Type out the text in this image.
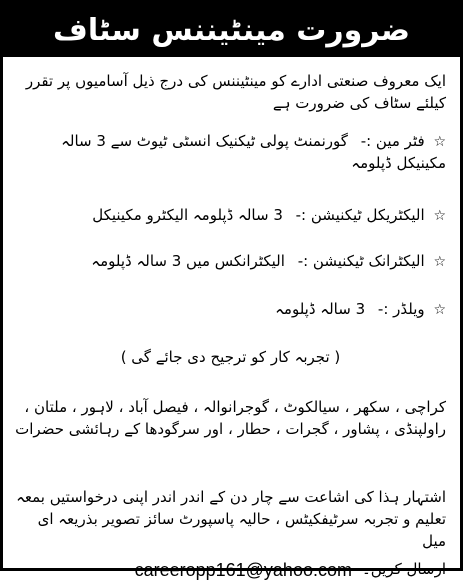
ضرورت مینٹیننس سٹاف
ایک معروف صنعتی ادارے کو مینٹیننس کی درج ذیل آسامیوں پر تقرر کیلئے سٹاف کی ضرورت ہے
☆ فٹر مین :- گورنمنٹ پولی ٹیکنیک انسٹی ٹیوٹ سے 3 سالہ مکینیکل ڈپلومہ
☆ الیکٹریکل ٹیکنیشن :- 3 سالہ ڈپلومہ الیکٹرو مکینیکل
☆ الیکٹرانک ٹیکنیشن :- الیکٹرانکس میں 3 سالہ ڈپلومہ
☆ ویلڈر :- 3 سالہ ڈپلومہ
( تجربہ کار کو ترجیح دی جائے گی )
کراچی ، سکھر ، سیالکوٹ ، گوجرانوالہ ، فیصل آباد ، لاہور ، ملتان ، راولپنڈی ، پشاور ، گجرات ، حطار ، اور سرگودھا کے رہائشی حضرات
اشتہار ہذا کی اشاعت سے چار دن کے اندر اندر اپنی درخواستیں بمعہ تعلیم و تجربہ سرٹیفکیٹس ، حالیہ پاسپورٹ سائز تصویر بذریعہ ای میل
ارسال کریں۔
careeropp161@yahoo.com
